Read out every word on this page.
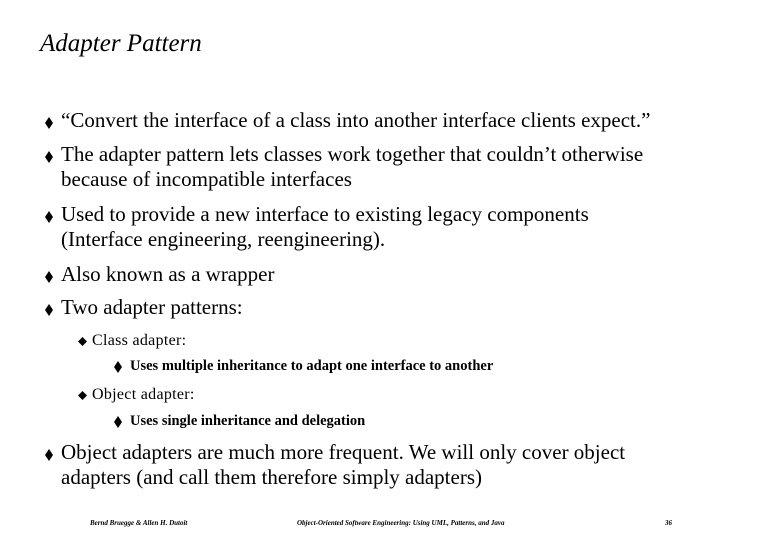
Adapter Pattern
“Convert the interface of a class into another interface clients expect.”
The adapter pattern lets classes work together that couldn’t otherwise
because of incompatible interfaces
Used to provide a new interface to existing legacy components
(Interface engineering, reengineering).
Also known as a wrapper
Two adapter patterns:
Class adapter:
Uses multiple inheritance to adapt one interface to another
Object adapter:
Uses single inheritance and delegation
Object adapters are much more frequent. We will only cover object
adapters (and call them therefore simply adapters)
Bernd Bruegge & Allen H. Dutoit	Object-Oriented Software Engineering: Using UML, Patterns, and Java	36
